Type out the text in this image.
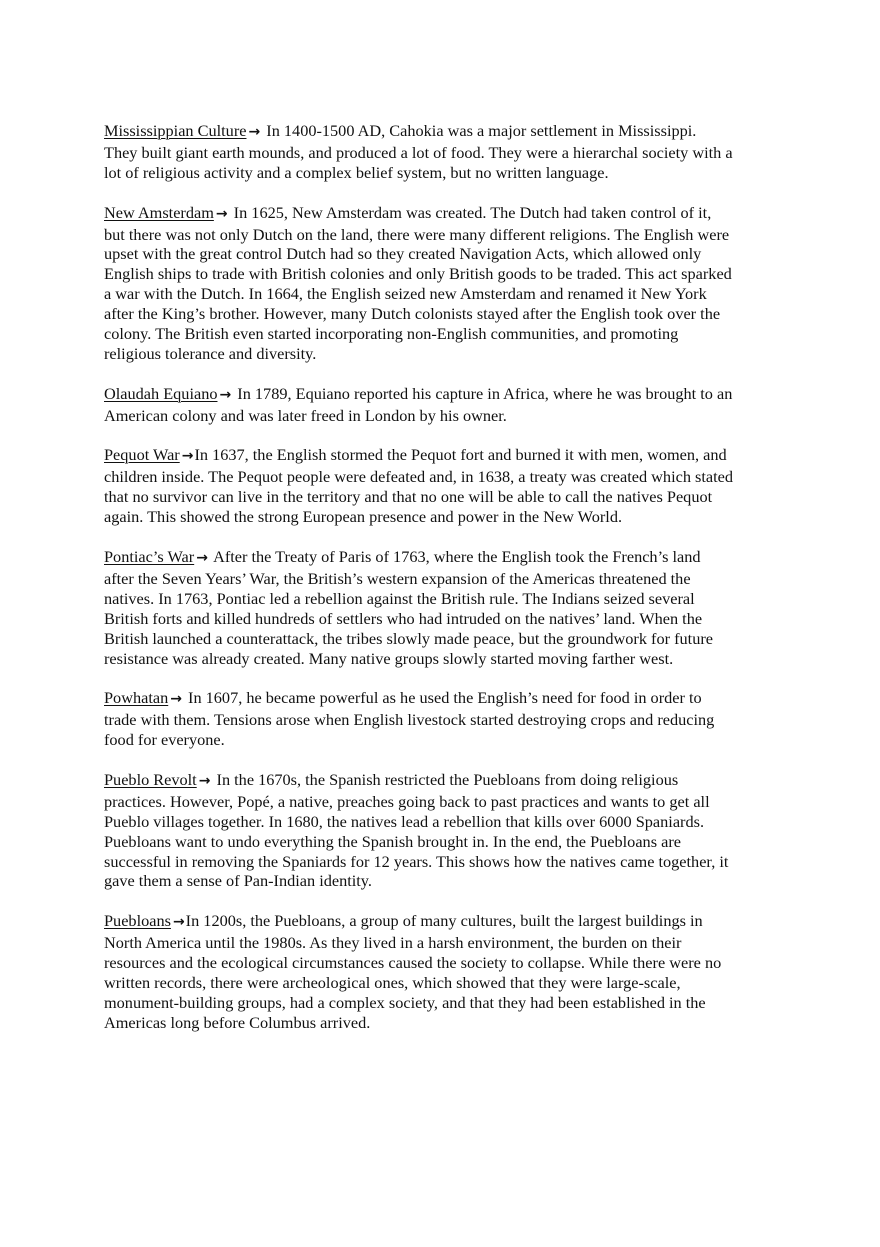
Mississippian Culture → In 1400-1500 AD, Cahokia was a major settlement in Mississippi.
They built giant earth mounds, and produced a lot of food. They were a hierarchal society with a
lot of religious activity and a complex belief system, but no written language.
New Amsterdam → In 1625, New Amsterdam was created. The Dutch had taken control of it,
but there was not only Dutch on the land, there were many different religions. The English were
upset with the great control Dutch had so they created Navigation Acts, which allowed only
English ships to trade with British colonies and only British goods to be traded. This act sparked
a war with the Dutch. In 1664, the English seized new Amsterdam and renamed it New York
after the King’s brother. However, many Dutch colonists stayed after the English took over the
colony. The British even started incorporating non-English communities, and promoting
religious tolerance and diversity.
Olaudah Equiano → In 1789, Equiano reported his capture in Africa, where he was brought to an
American colony and was later freed in London by his owner.
Pequot War →In 1637, the English stormed the Pequot fort and burned it with men, women, and
children inside. The Pequot people were defeated and, in 1638, a treaty was created which stated
that no survivor can live in the territory and that no one will be able to call the natives Pequot
again. This showed the strong European presence and power in the New World.
Pontiac’s War → After the Treaty of Paris of 1763, where the English took the French’s land
after the Seven Years’ War, the British’s western expansion of the Americas threatened the
natives. In 1763, Pontiac led a rebellion against the British rule. The Indians seized several
British forts and killed hundreds of settlers who had intruded on the natives’ land. When the
British launched a counterattack, the tribes slowly made peace, but the groundwork for future
resistance was already created. Many native groups slowly started moving farther west.
Powhatan → In 1607, he became powerful as he used the English’s need for food in order to
trade with them. Tensions arose when English livestock started destroying crops and reducing
food for everyone.
Pueblo Revolt → In the 1670s, the Spanish restricted the Puebloans from doing religious
practices. However, Popé, a native, preaches going back to past practices and wants to get all
Pueblo villages together. In 1680, the natives lead a rebellion that kills over 6000 Spaniards.
Puebloans want to undo everything the Spanish brought in. In the end, the Puebloans are
successful in removing the Spaniards for 12 years. This shows how the natives came together, it
gave them a sense of Pan-Indian identity.
Puebloans →In 1200s, the Puebloans, a group of many cultures, built the largest buildings in
North America until the 1980s. As they lived in a harsh environment, the burden on their
resources and the ecological circumstances caused the society to collapse. While there were no
written records, there were archeological ones, which showed that they were large-scale,
monument-building groups, had a complex society, and that they had been established in the
Americas long before Columbus arrived.
